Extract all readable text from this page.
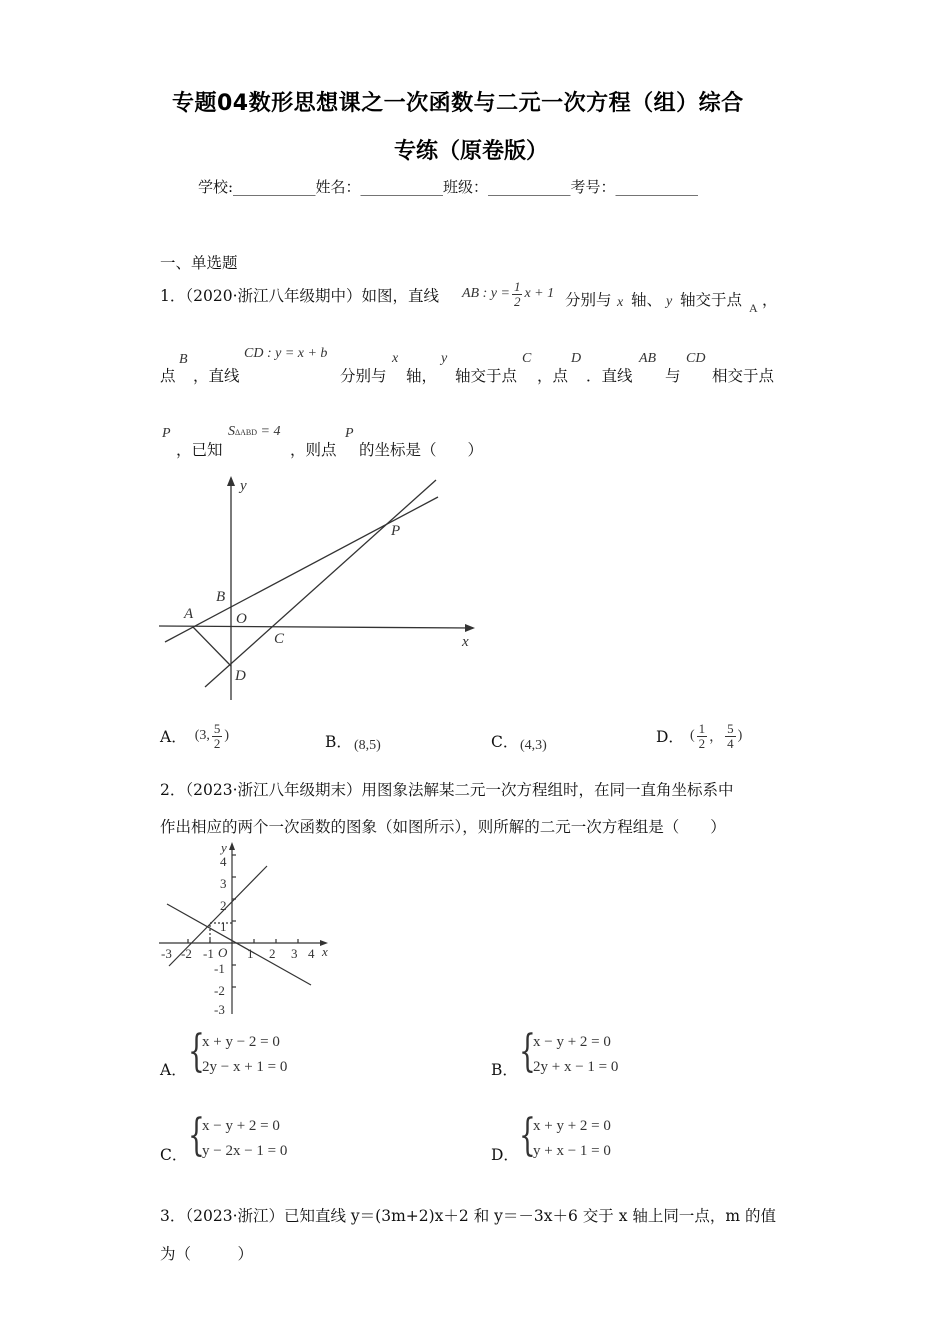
专题04数形思想课之一次函数与二元一次方程（组）综合
专练（原卷版）
学校:___________姓名：___________班级：___________考号：___________
一、单选题
1．（2020·浙江八年级期中）如图，直线 AB : $y = \frac{1}{2}$ x + 1 分别与 x 轴、 y 轴交于点 A ，
点
B
，直线
CD : y = x + b
分别与
x
轴，
y
轴交于点
C
，点
D
．直线
AB
与
CD
相交于点
P
，已知
SΔABD = 4
，则点
P
的坐标是（　　）
y
x
P
B
A	O
C
D
A． ( 3, $\frac{5}{2}$ )	B． (8,5)	C． (4,3)	D． ( $\frac{1}{2}$ ， $\frac{5}{4}$ )
2．（2023·浙江八年级期末）用图象法解某二元一次方程组时，在同一直角坐标系中
作出相应的两个一次函数的图象（如图所示），则所解的二元一次方程组是（　　）
y
x
O
-3 -2 -1	1 2 3 4
4
3
2
1
-1
-2
-3
A． {
x + y − 2 = 0
2y − x + 1 = 0	B． {
x − y + 2 = 0
2y + x − 1 = 0
C． {
x − y + 2 = 0
y − 2x − 1 = 0	D． {
x + y + 2 = 0
y + x − 1 = 0
3．（2023·浙江）已知直线 y＝(3m+2)x＋2 和 y＝－3x＋6 交于 x 轴上同一点，m 的值
为（　　　）
